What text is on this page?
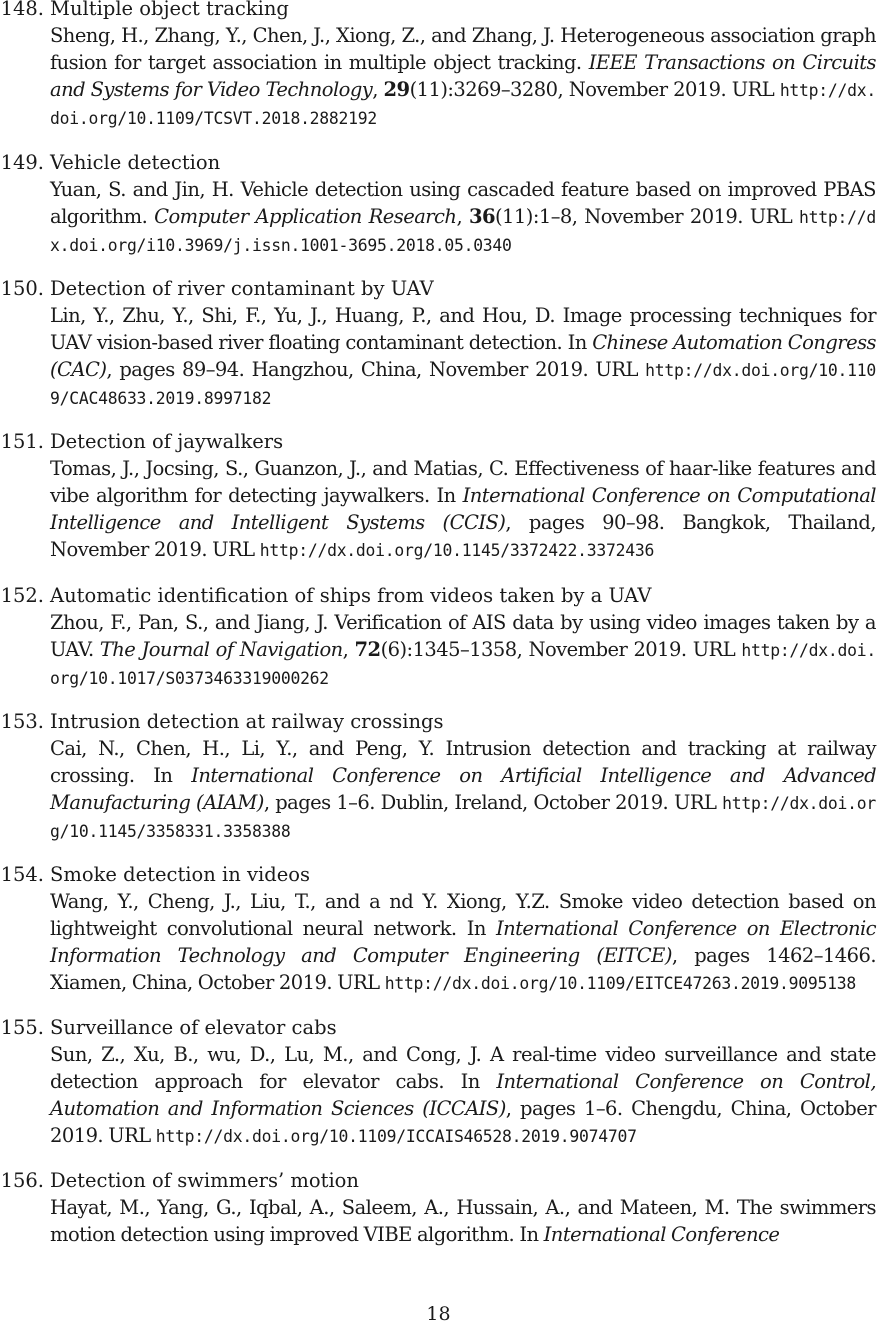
148. Multiple object tracking
Sheng, H., Zhang, Y., Chen, J., Xiong, Z., and Zhang, J. Heterogeneous association graph fusion for target association in multiple object tracking. IEEE Transactions on Circuits and Systems for Video Technology, 29(11):3269–3280, November 2019. URL http://dx.doi.org/10.1109/TCSVT.2018.2882192
149. Vehicle detection
Yuan, S. and Jin, H. Vehicle detection using cascaded feature based on improved PBAS algorithm. Computer Application Research, 36(11):1–8, November 2019. URL http://dx.doi.org/i10.3969/j.issn.1001-3695.2018.05.0340
150. Detection of river contaminant by UAV
Lin, Y., Zhu, Y., Shi, F., Yu, J., Huang, P., and Hou, D. Image processing techniques for UAV vision-based river floating contaminant detection. In Chinese Automation Congress (CAC), pages 89–94. Hangzhou, China, November 2019. URL http://dx.doi.org/10.1109/CAC48633.2019.8997182
151. Detection of jaywalkers
Tomas, J., Jocsing, S., Guanzon, J., and Matias, C. Effectiveness of haar-like features and vibe algorithm for detecting jaywalkers. In International Conference on Computational Intelligence and Intelligent Systems (CCIS), pages 90–98. Bangkok, Thailand, November 2019. URL http://dx.doi.org/10.1145/3372422.3372436
152. Automatic identification of ships from videos taken by a UAV
Zhou, F., Pan, S., and Jiang, J. Verification of AIS data by using video images taken by a UAV. The Journal of Navigation, 72(6):1345–1358, November 2019. URL http://dx.doi.org/10.1017/S0373463319000262
153. Intrusion detection at railway crossings
Cai, N., Chen, H., Li, Y., and Peng, Y. Intrusion detection and tracking at railway crossing. In International Conference on Artificial Intelligence and Advanced Manufacturing (AIAM), pages 1–6. Dublin, Ireland, October 2019. URL http://dx.doi.org/10.1145/3358331.3358388
154. Smoke detection in videos
Wang, Y., Cheng, J., Liu, T., and a nd Y. Xiong, Y.Z. Smoke video detection based on lightweight convolutional neural network. In International Conference on Electronic Information Technology and Computer Engineering (EITCE), pages 1462–1466. Xiamen, China, October 2019. URL http://dx.doi.org/10.1109/EITCE47263.2019.9095138
155. Surveillance of elevator cabs
Sun, Z., Xu, B., wu, D., Lu, M., and Cong, J. A real-time video surveillance and state detection approach for elevator cabs. In International Conference on Control, Automation and Information Sciences (ICCAIS), pages 1–6. Chengdu, China, October 2019. URL http://dx.doi.org/10.1109/ICCAIS46528.2019.9074707
156. Detection of swimmers’ motion
Hayat, M., Yang, G., Iqbal, A., Saleem, A., Hussain, A., and Mateen, M. The swimmers motion detection using improved VIBE algorithm. In International Conference
18
